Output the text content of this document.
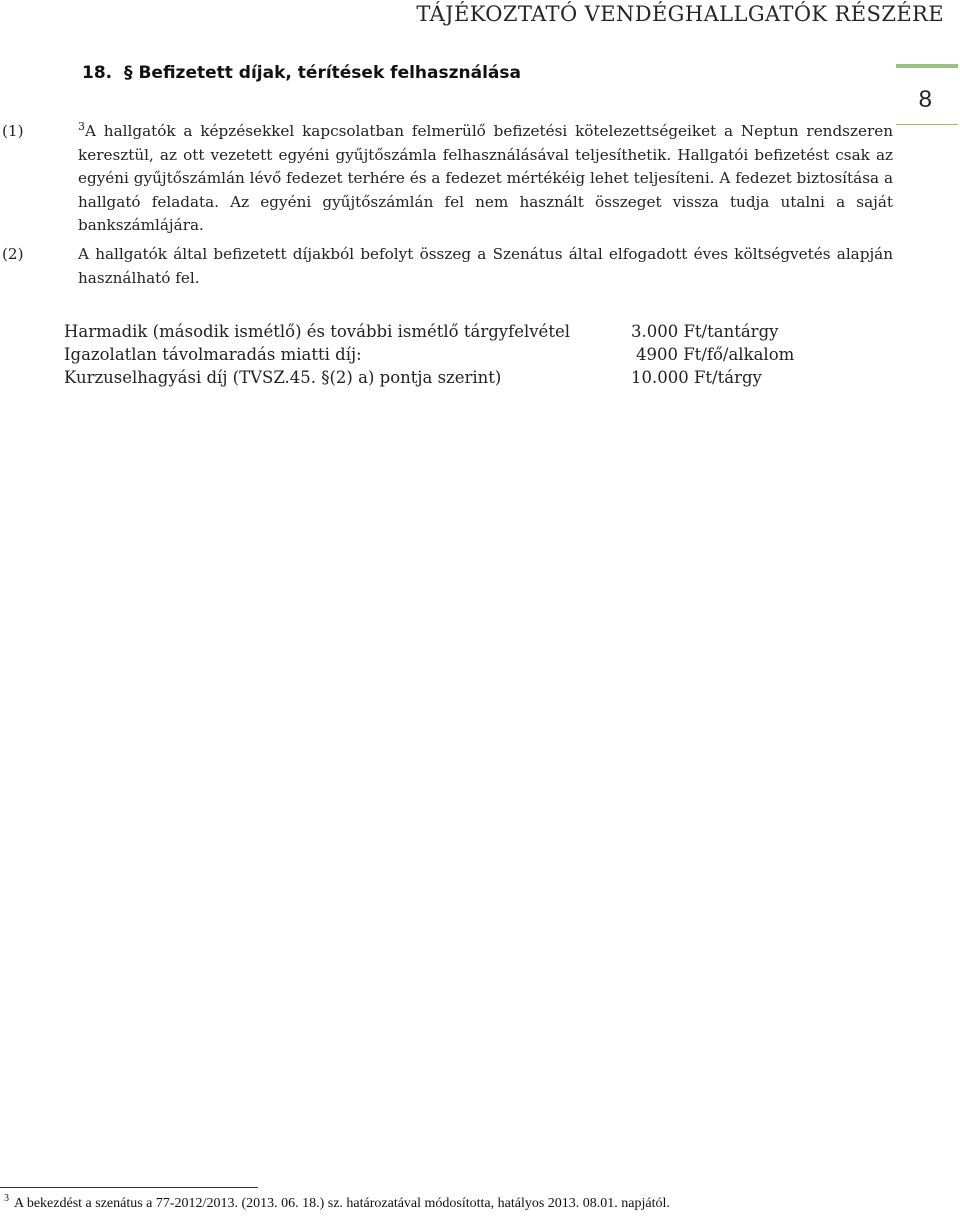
TÁJÉKOZTATÓ VENDÉGHALLGATÓK RÉSZÉRE
8
18. § Befizetett díjak, térítések felhasználása
(1)	$^3$A hallgatók a képzésekkel kapcsolatban felmerülő befizetési kötelezettségeiket a Neptun rendszeren keresztül, az ott vezetett egyéni gyűjtőszámla felhasználásával teljesíthetik. Hallgatói befizetést csak az egyéni gyűjtőszámlán lévő fedezet terhére és a fedezet mértékéig lehet teljesíteni. A fedezet biztosítása a hallgató feladata. Az egyéni gyűjtőszámlán fel nem használt összeget vissza tudja utalni a saját bankszámlájára.
(2)	A hallgatók által befizetett díjakból befolyt összeg a Szenátus által elfogadott éves költségvetés alapján használható fel.
Harmadik (második ismétlő) és további ismétlő tárgyfelvétel	3.000 Ft/tantárgy
Igazolatlan távolmaradás miatti díj:	4900 Ft/fő/alkalom
Kurzuselhagyási díj (TVSZ.45. §(2) a) pontja szerint)	10.000 Ft/tárgy
$^3$ A bekezdést a szenátus a 77-2012/2013. (2013. 06. 18.) sz. határozatával módosította, hatályos 2013. 08.01. napjától.
